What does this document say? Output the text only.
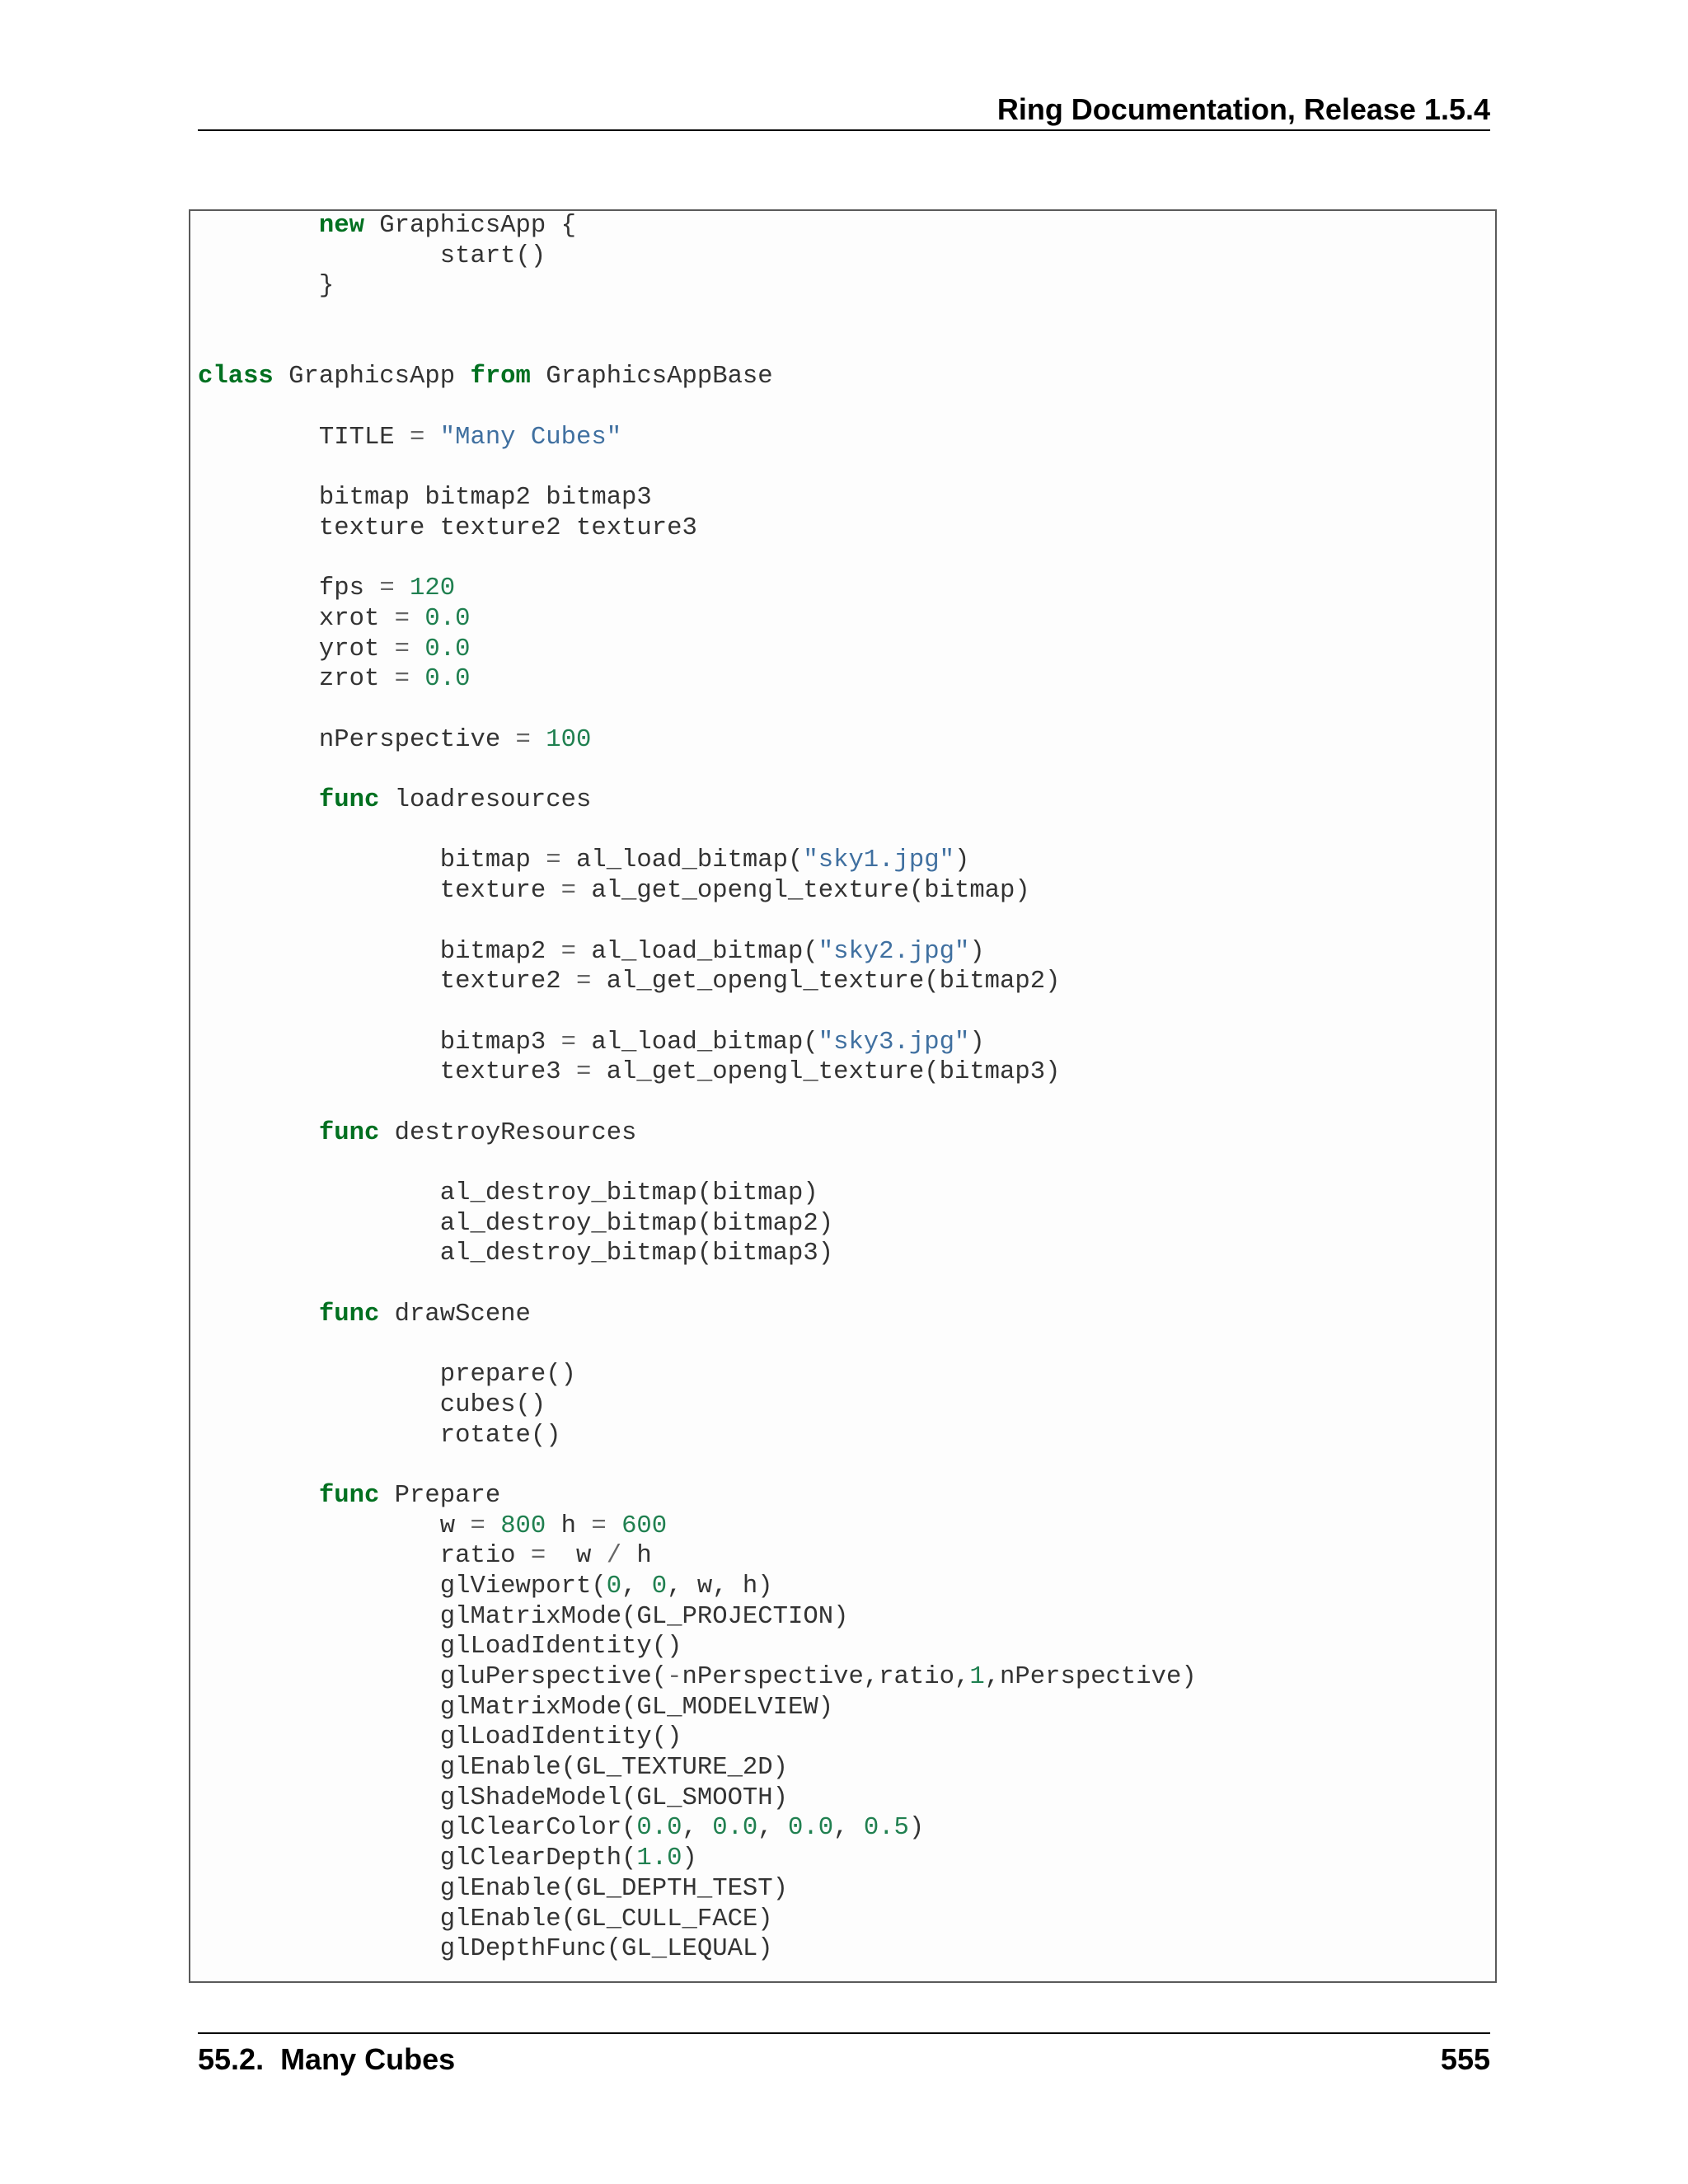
Ring Documentation, Release 1.5.4
new GraphicsApp {
start()
}

class GraphicsApp from GraphicsAppBase

TITLE = "Many Cubes"

bitmap bitmap2 bitmap3
texture texture2 texture3

fps = 120
xrot = 0.0
yrot = 0.0
zrot = 0.0

nPerspective = 100

func loadresources

bitmap = al_load_bitmap("sky1.jpg")
texture = al_get_opengl_texture(bitmap)

bitmap2 = al_load_bitmap("sky2.jpg")
texture2 = al_get_opengl_texture(bitmap2)

bitmap3 = al_load_bitmap("sky3.jpg")
texture3 = al_get_opengl_texture(bitmap3)

func destroyResources

al_destroy_bitmap(bitmap)
al_destroy_bitmap(bitmap2)
al_destroy_bitmap(bitmap3)

func drawScene

prepare()
cubes()
rotate()

func Prepare
w = 800 h = 600
ratio =  w / h
glViewport(0, 0, w, h)
glMatrixMode(GL_PROJECTION)
glLoadIdentity()
gluPerspective(-nPerspective,ratio,1,nPerspective)
glMatrixMode(GL_MODELVIEW)
glLoadIdentity()
glEnable(GL_TEXTURE_2D)
glShadeModel(GL_SMOOTH)
glClearColor(0.0, 0.0, 0.0, 0.5)
glClearDepth(1.0)
glEnable(GL_DEPTH_TEST)
glEnable(GL_CULL_FACE)
glDepthFunc(GL_LEQUAL)
55.2.  Many Cubes	555
